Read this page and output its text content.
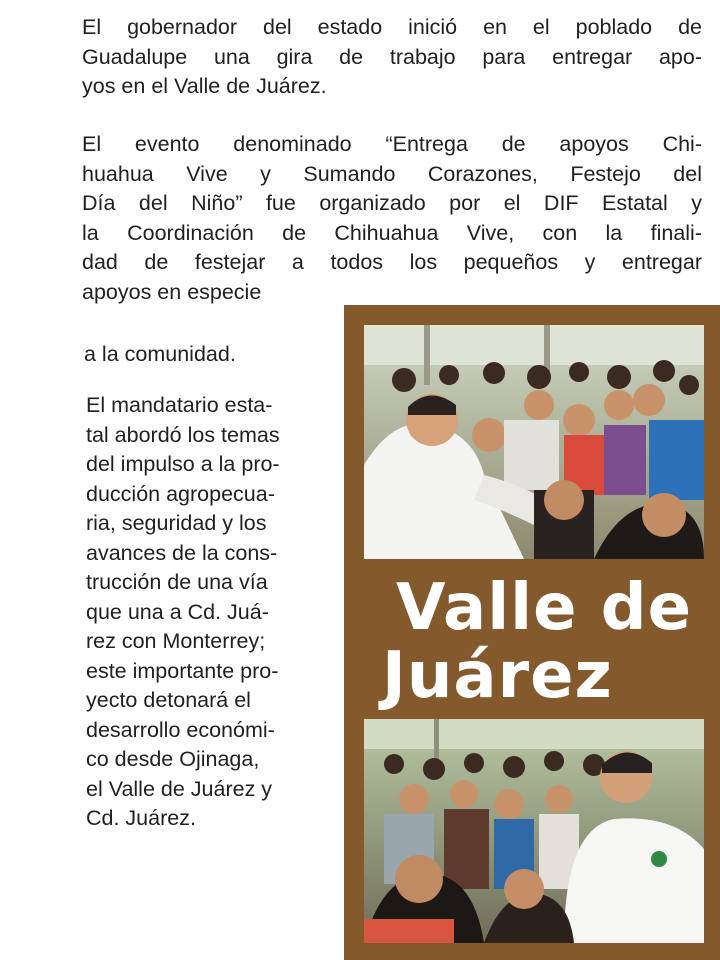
El gobernador del estado inició en el poblado de
Guadalupe una gira de trabajo para entregar apo-
yos en el Valle de Juárez.

El evento denominado “Entrega de apoyos Chi-
huahua Vive y Sumando Corazones, Festejo del
Día del Niño” fue organizado por el DIF Estatal y
la Coordinación de Chihuahua Vive, con la finali-
dad de festejar a todos los pequeños y entregar
apoyos en especie

a la comunidad.

El mandatario esta-
tal abordó los temas
del impulso a la pro-
ducción agropecua-
ria, seguridad y los
avances de la cons-
trucción de una vía
que una a Cd. Juá-
rez con Monterrey;
este importante pro-
yecto detonará el
desarrollo económi-
co desde Ojinaga,
el Valle de Juárez y
Cd. Juárez.

Valle de
Juárez
